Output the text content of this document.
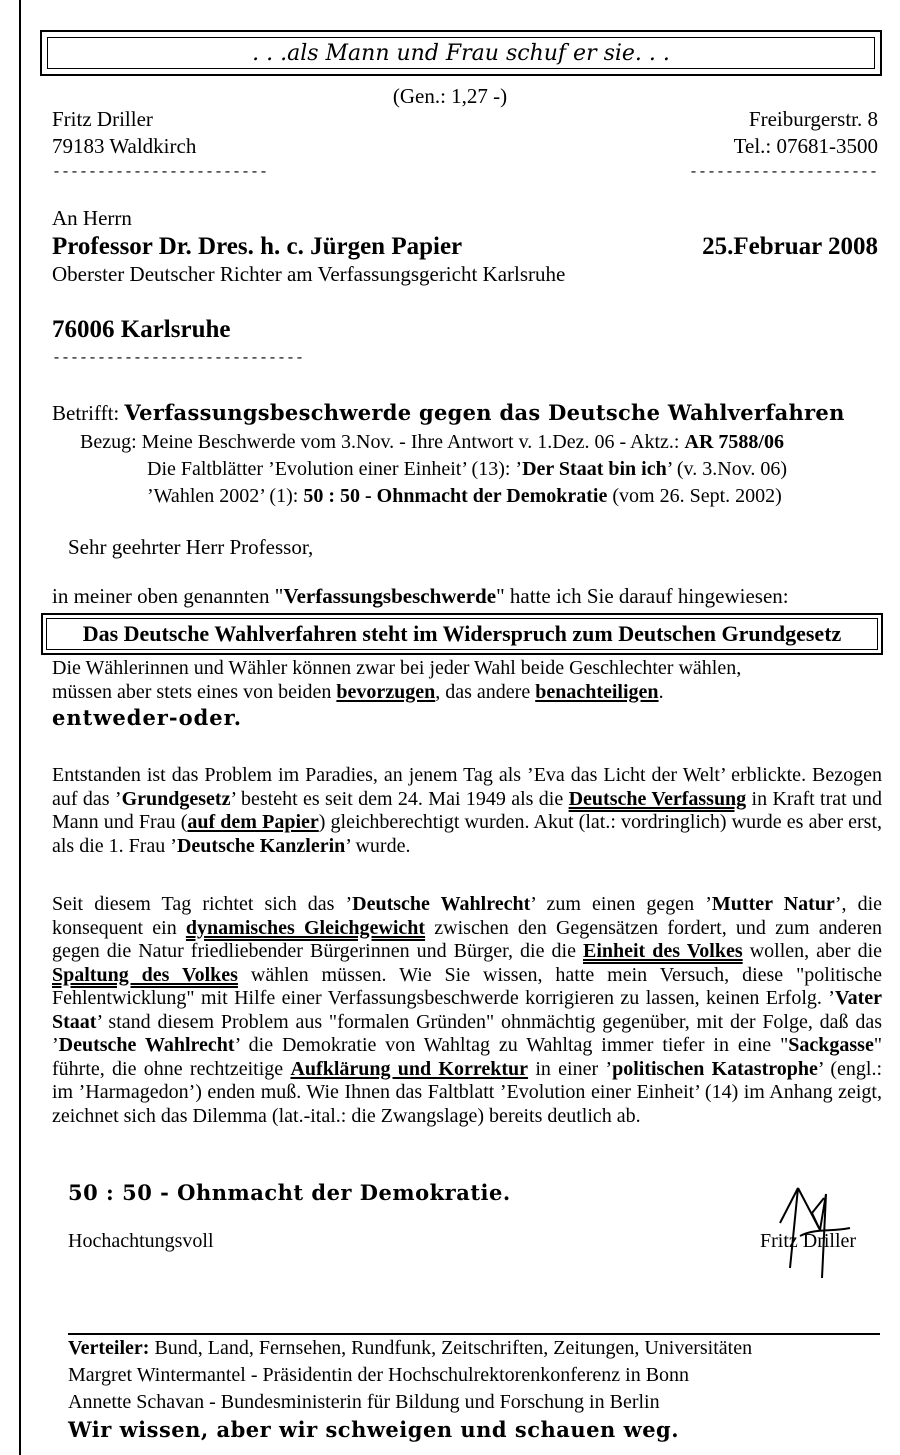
. . .als Mann und Frau schuf er sie. . .
(Gen.: 1,27 -)
Fritz Driller
79183 Waldkirch
------------------------
Freiburgerstr. 8
Tel.: 07681-3500
---------------------
An Herrn
Professor Dr. Dres. h. c. Jürgen Papier	25.Februar 2008
Oberster Deutscher Richter am Verfassungsgericht Karlsruhe
76006 Karlsruhe
----------------------------
Betrifft: Verfassungsbeschwerde gegen das Deutsche Wahlverfahren
Bezug: Meine Beschwerde vom 3.Nov. - Ihre Antwort v. 1.Dez. 06 - Aktz.: AR 7588/06
Die Faltblätter ’Evolution einer Einheit’ (13): ’Der Staat bin ich’ (v. 3.Nov. 06)
’Wahlen 2002’ (1): 50 : 50 - Ohnmacht der Demokratie (vom 26. Sept. 2002)
Sehr geehrter Herr Professor,
in meiner oben genannten "Verfassungsbeschwerde" hatte ich Sie darauf hingewiesen:
Das Deutsche Wahlverfahren steht im Widerspruch zum Deutschen Grundgesetz
Die Wählerinnen und Wähler können zwar bei jeder Wahl beide Geschlechter wählen,
müssen aber stets eines von beiden bevorzugen, das andere benachteiligen.
entweder-oder.
Entstanden ist das Problem im Paradies, an jenem Tag als ’Eva das Licht der Welt’ erblickte. Bezogen auf das ’Grundgesetz’ besteht es seit dem 24. Mai 1949 als die Deutsche Verfassung in Kraft trat und Mann und Frau (auf dem Papier) gleichberechtigt wurden. Akut (lat.: vordringlich) wurde es aber erst, als die 1. Frau ’Deutsche Kanzlerin’ wurde.
Seit diesem Tag richtet sich das ’Deutsche Wahlrecht’ zum einen gegen ’Mutter Natur’, die konsequent ein dynamisches Gleichgewicht zwischen den Gegensätzen fordert, und zum anderen gegen die Natur friedliebender Bürgerinnen und Bürger, die die Einheit des Volkes wollen, aber die Spaltung des Volkes wählen müssen. Wie Sie wissen, hatte mein Versuch, diese "politische Fehlentwicklung" mit Hilfe einer Verfassungsbeschwerde korrigieren zu lassen, keinen Erfolg. ’Vater Staat’ stand diesem Problem aus "formalen Gründen" ohnmächtig gegenüber, mit der Folge, daß das ’Deutsche Wahlrecht’ die Demokratie von Wahltag zu Wahltag immer tiefer in eine "Sackgasse" führte, die ohne rechtzeitige Aufklärung und Korrektur in einer ’politischen Katastrophe’ (engl.: im ’Harmagedon’) enden muß. Wie Ihnen das Faltblatt ’Evolution einer Einheit’ (14) im Anhang zeigt, zeichnet sich das Dilemma (lat.-ital.: die Zwangslage) bereits deutlich ab.
50 : 50 - Ohnmacht der Demokratie.
Hochachtungsvoll	Fritz Driller
Verteiler: Bund, Land, Fernsehen, Rundfunk, Zeitschriften, Zeitungen, Universitäten
Margret Wintermantel - Präsidentin der Hochschulrektorenkonferenz in Bonn
Annette Schavan - Bundesministerin für Bildung und Forschung in Berlin
Wir wissen, aber wir schweigen und schauen weg.
